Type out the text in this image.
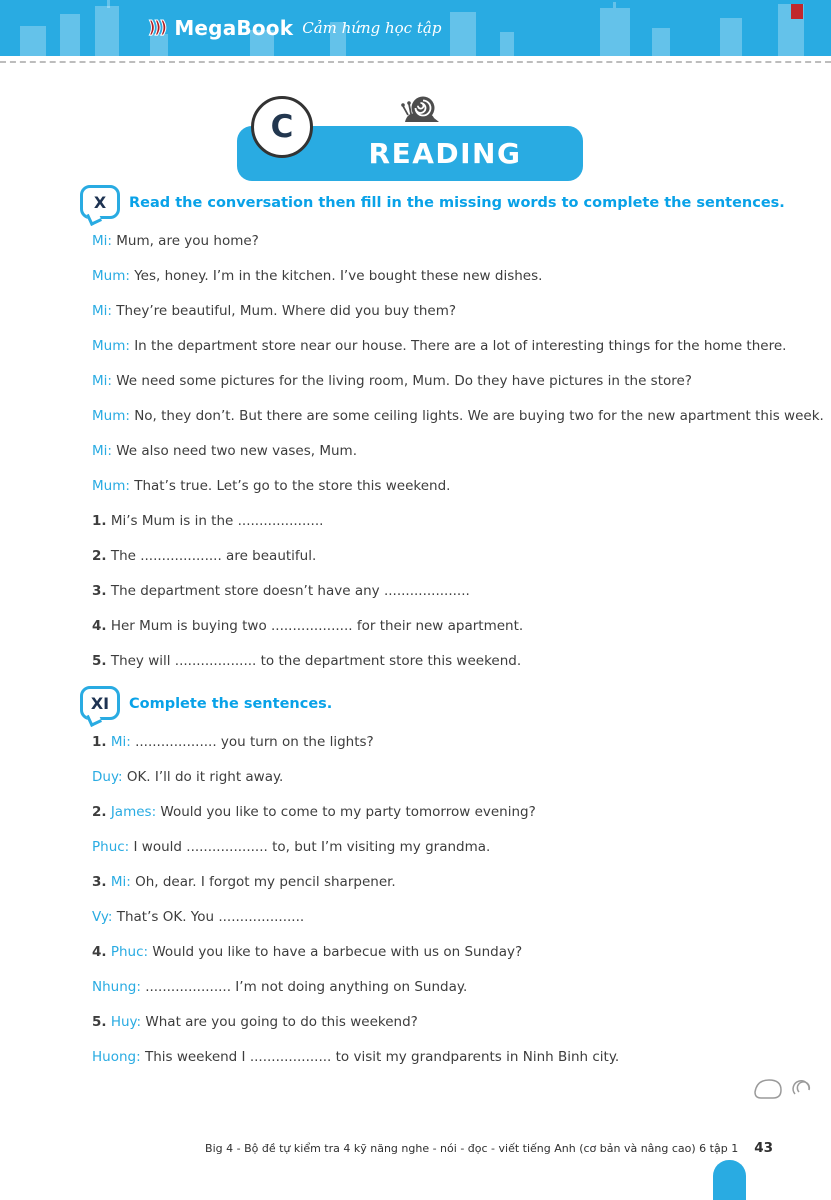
))) MegaBook Cảm hứng học tập
READING
C
X Read the conversation then fill in the missing words to complete the sentences.

Mi: Mum, are you home?

Mum: Yes, honey. I’m in the kitchen. I’ve bought these new dishes.

Mi: They’re beautiful, Mum. Where did you buy them?

Mum: In the department store near our house. There are a lot of interesting things for the home there.

Mi: We need some pictures for the living room, Mum. Do they have pictures in the store?

Mum: No, they don’t. But there are some ceiling lights. We are buying two for the new apartment this week.

Mi: We also need two new vases, Mum.

Mum: That’s true. Let’s go to the store this weekend.

1. Mi’s Mum is in the ....................

2. The ................... are beautiful.

3. The department store doesn’t have any ....................

4. Her Mum is buying two ................... for their new apartment.

5. They will ................... to the department store this weekend.

XI Complete the sentences.

1. Mi: ................... you turn on the lights?

Duy: OK. I’ll do it right away.

2. James: Would you like to come to my party tomorrow evening?

Phuc: I would ................... to, but I’m visiting my grandma.

3. Mi: Oh, dear. I forgot my pencil sharpener.

Vy: That’s OK. You ....................

4. Phuc: Would you like to have a barbecue with us on Sunday?

Nhung: .................... I’m not doing anything on Sunday.

5. Huy: What are you going to do this weekend?

Huong: This weekend I ................... to visit my grandparents in Ninh Binh city.

Big 4 - Bộ đề tự kiểm tra 4 kỹ năng nghe - nói - đọc - viết tiếng Anh (cơ bản và nâng cao) 6 tập 1 43
